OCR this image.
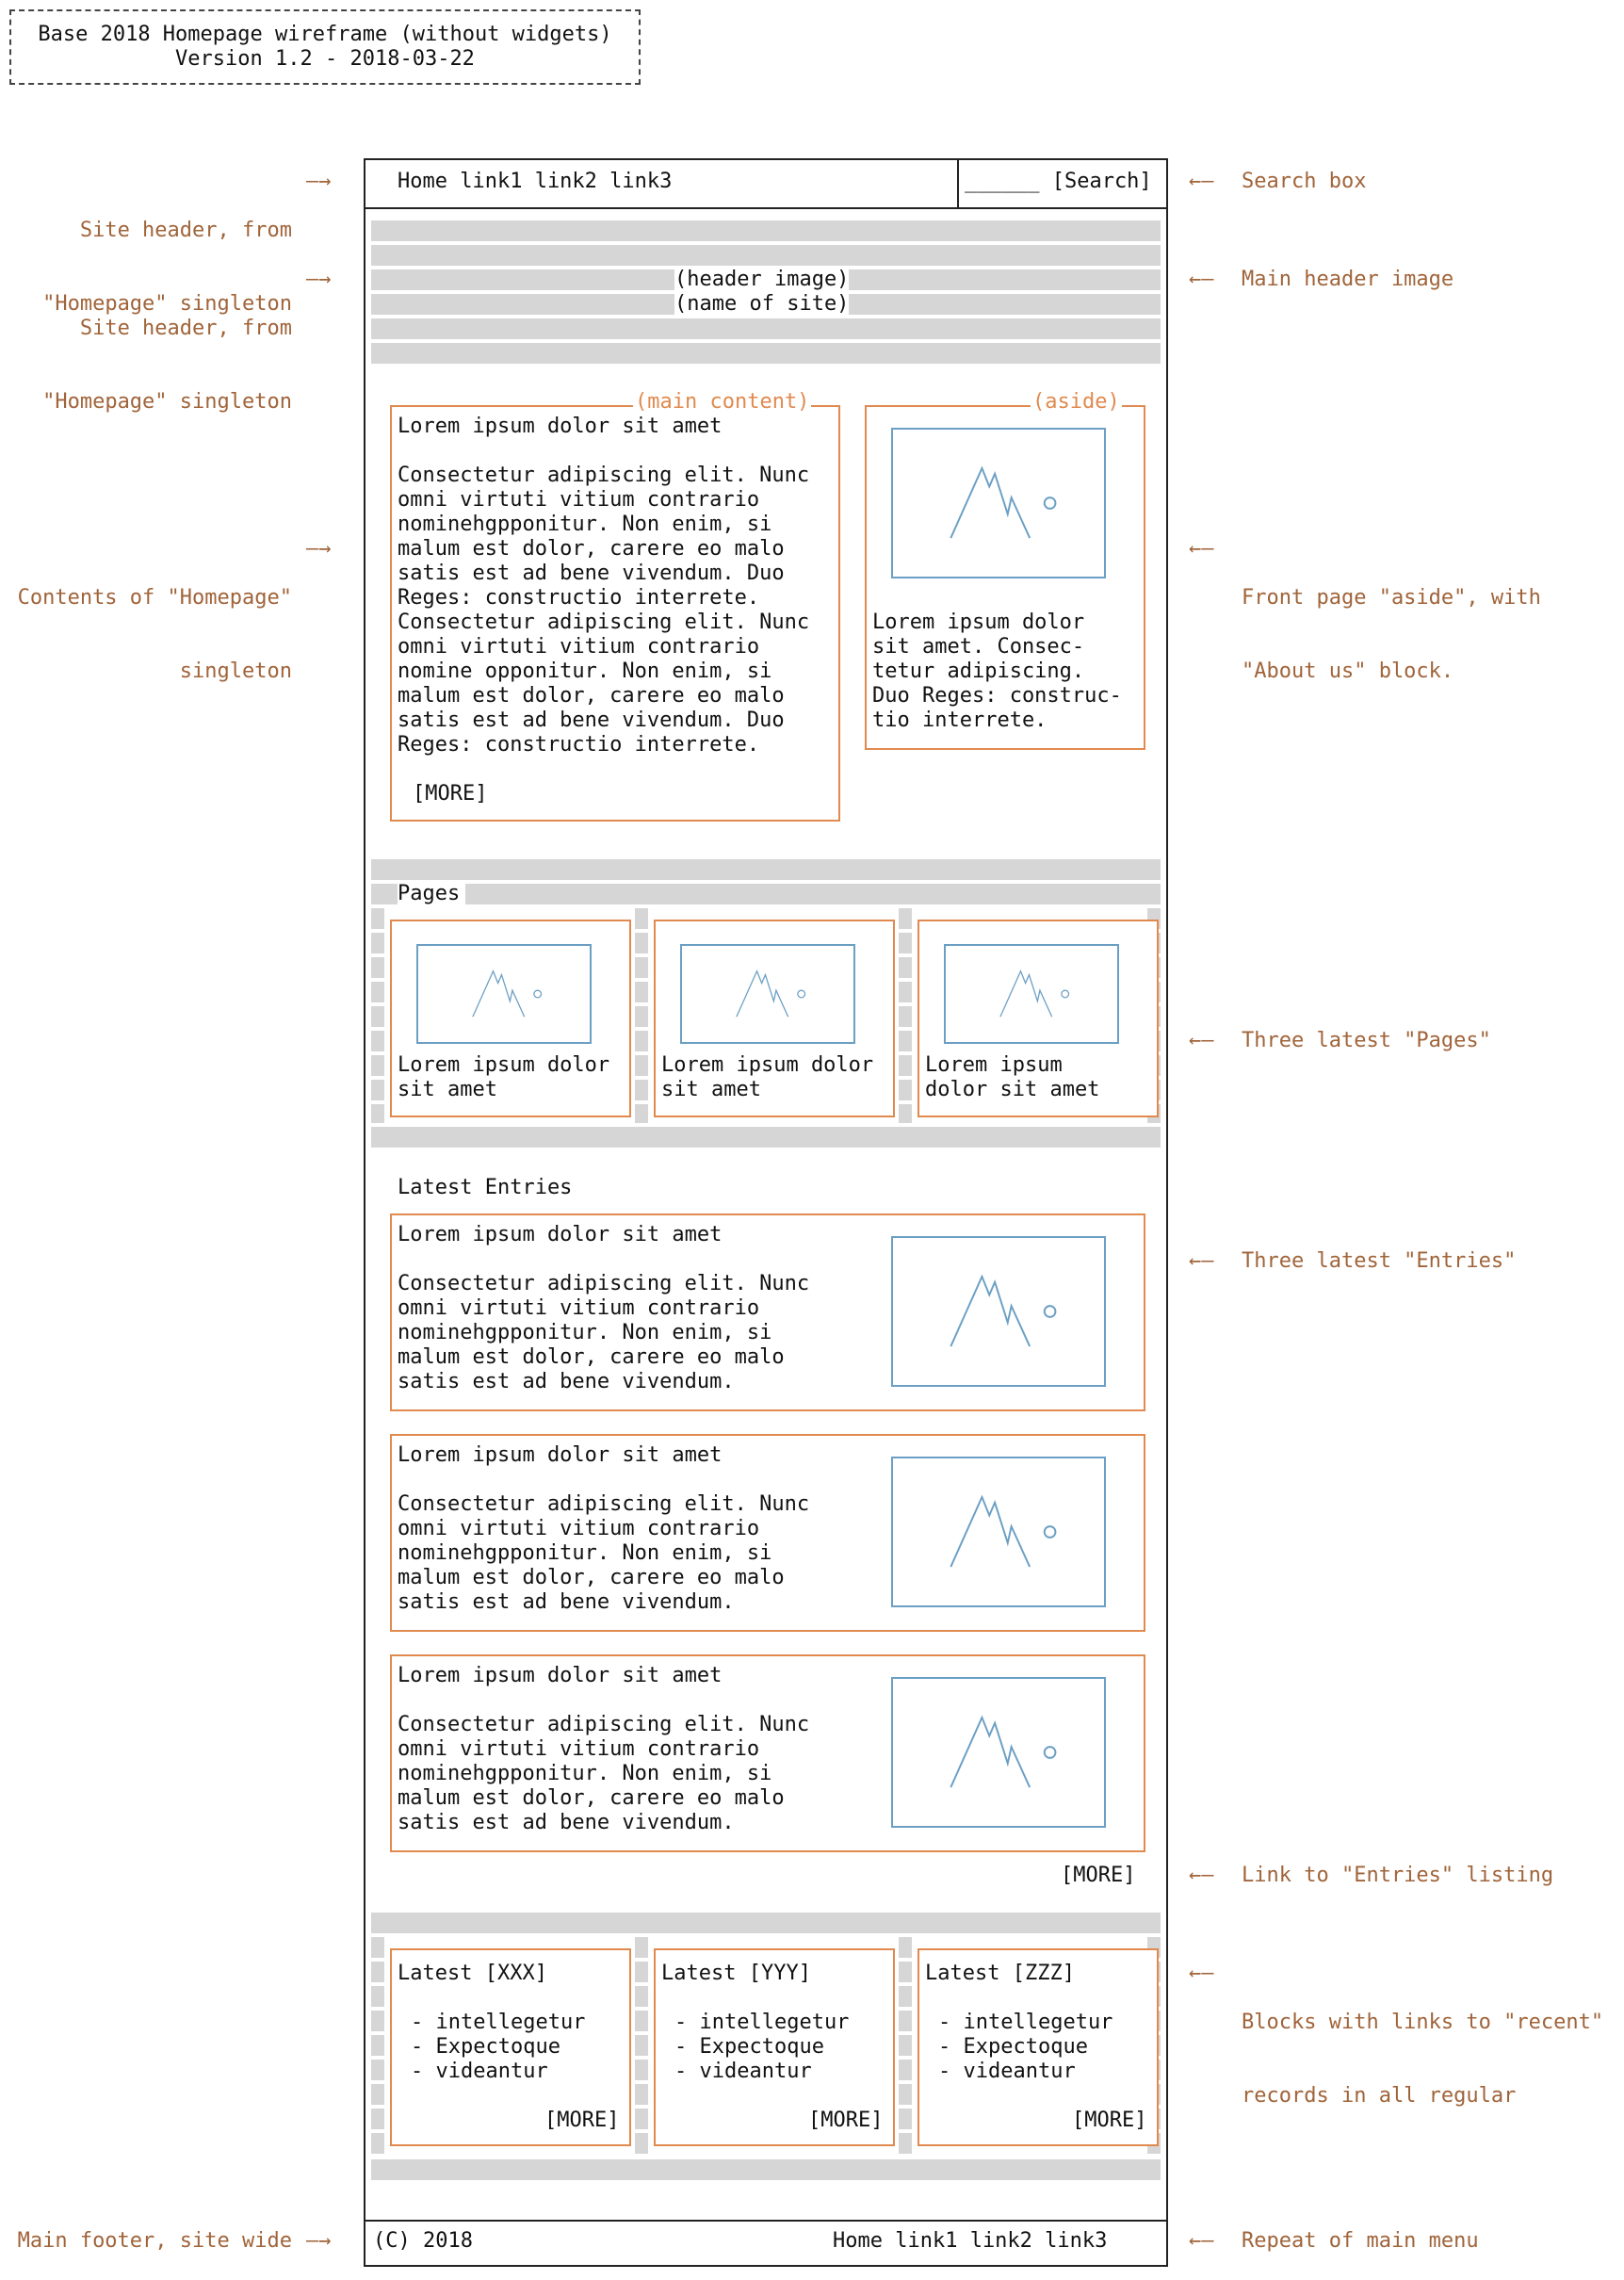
Base 2018 Homepage wireframe (without widgets)
Version 1.2 - 2018-03-22

Site header, from

"Homepage" singleton

—→

Site header, from

"Homepage" singleton

—→

Contents of "Homepage"

singleton

—→
Main footer, site wide —→
←— Search box
←— Main header image
←—

Front page "aside", with

"About us" block.

←— Three latest "Pages"
←— Three latest "Entries"
←— Link to "Entries" listing
←—

Blocks with links to "recent"

records in all regular

←— Repeat of main menu
Home link1 link2 link3	______ [Search]
(header image)
(name of site)
(main content)
Lorem ipsum dolor sit amet
Consectetur adipiscing elit. Nunc
omni virtuti vitium contrario
nominehgpponitur. Non enim, si
malum est dolor, carere eo malo
satis est ad bene vivendum. Duo
Reges: constructio interrete.
Consectetur adipiscing elit. Nunc
omni virtuti vitium contrario
nomine opponitur. Non enim, si
malum est dolor, carere eo malo
satis est ad bene vivendum. Duo
Reges: constructio interrete.
[MORE]
(aside)
Lorem ipsum dolor
sit amet. Consec-
tetur adipiscing.
Duo Reges: construc-
tio interrete.
Pages
Lorem ipsum dolor
sit amet
Lorem ipsum dolor
sit amet
Lorem ipsum
dolor sit amet
Latest Entries
Lorem ipsum dolor sit amet
Consectetur adipiscing elit. Nunc
omni virtuti vitium contrario
nominehgpponitur. Non enim, si
malum est dolor, carere eo malo
satis est ad bene vivendum.
Lorem ipsum dolor sit amet
Consectetur adipiscing elit. Nunc
omni virtuti vitium contrario
nominehgpponitur. Non enim, si
malum est dolor, carere eo malo
satis est ad bene vivendum.
Lorem ipsum dolor sit amet
Consectetur adipiscing elit. Nunc
omni virtuti vitium contrario
nominehgpponitur. Non enim, si
malum est dolor, carere eo malo
satis est ad bene vivendum.
[MORE]
Latest [XXX]
- intellegetur
- Expectoque
- videantur
[MORE]
Latest [YYY]
- intellegetur
- Expectoque
- videantur
[MORE]
Latest [ZZZ]
- intellegetur
- Expectoque
- videantur
[MORE]
(C) 2018	Home link1 link2 link3
